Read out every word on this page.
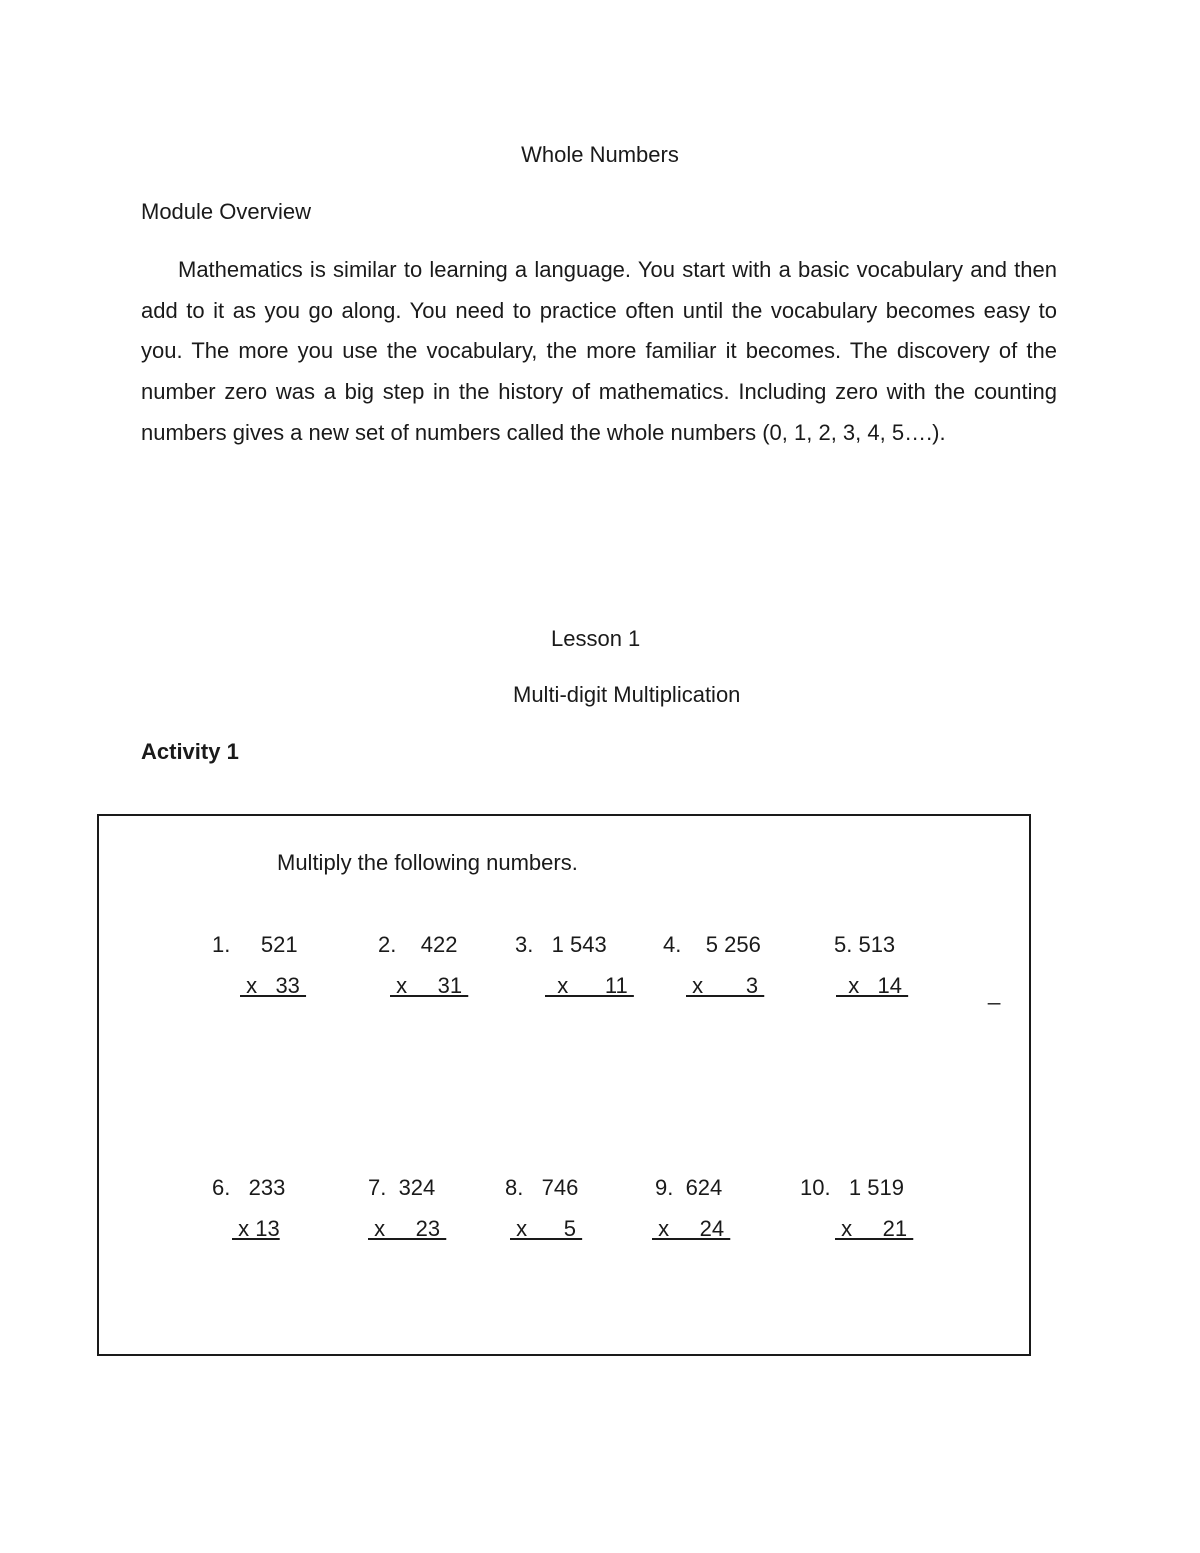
Whole Numbers
Module Overview
Mathematics is similar to learning a language. You start with a basic vocabulary and then add to it as you go along. You need to practice often until the vocabulary becomes easy to you. The more you use the vocabulary, the more familiar it becomes. The discovery of the number zero was a big step in the history of mathematics. Including zero with the counting numbers gives a new set of numbers called the whole numbers (0, 1, 2, 3, 4, 5….).
Lesson 1
Multi-digit Multiplication
Activity 1
Multiply the following numbers.
1.     521
x   33
2.    422
x     31
3.   1 543
x      11
4.    5 256
x       3
5. 513
x   14	_
6.   233
x 13
7.  324
x     23
8.   746
x      5
9.  624
x     24
10.   1 519
x     21
